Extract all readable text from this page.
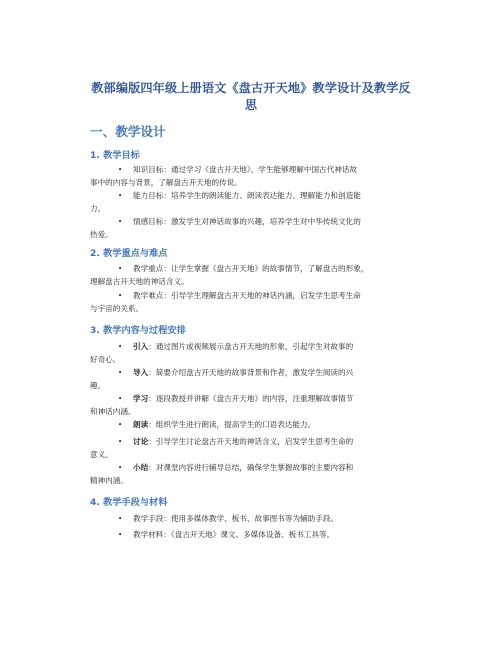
教部编版四年级上册语文《盘古开天地》教学设计及教学反
思
一、教学设计
1. 教学目标
•	知识目标：通过学习《盘古开天地》，学生能够理解中国古代神话故
事中的内容与背景，了解盘古开天地的传说。
•	能力目标：培养学生的朗读能力、朗读表达能力、理解能力和创造能
力。
•	情感目标：激发学生对神话故事的兴趣，培养学生对中华传统文化的
热爱。
2. 教学重点与难点
•	教学重点：让学生掌握《盘古开天地》的故事情节，了解盘古的形象，
理解盘古开天地的神话含义。
•	教学难点：引导学生理解盘古开天地的神话内涵，启发学生思考生命
与宇宙的关系。
3. 教学内容与过程安排
•	引入：通过图片或视频展示盘古开天地的形象，引起学生对故事的
好奇心。
•	导入：简要介绍盘古开天地的故事背景和作者，激发学生阅读的兴
趣。
•	学习：逐段教授并讲解《盘古开天地》的内容，注重理解故事情节
和神话内涵。
•	朗读：组织学生进行朗读，提高学生的口语表达能力。
•	讨论：引导学生讨论盘古开天地的神话含义，启发学生思考生命的
意义。
•	小结：对课堂内容进行辅导总结，确保学生掌握故事的主要内容和
精神内涵。
4. 教学手段与材料
•	教学手段：使用多媒体教学、板书、故事图书等为辅助手段。
•	教学材料：《盘古开天地》课文、多媒体设备、板书工具等。
